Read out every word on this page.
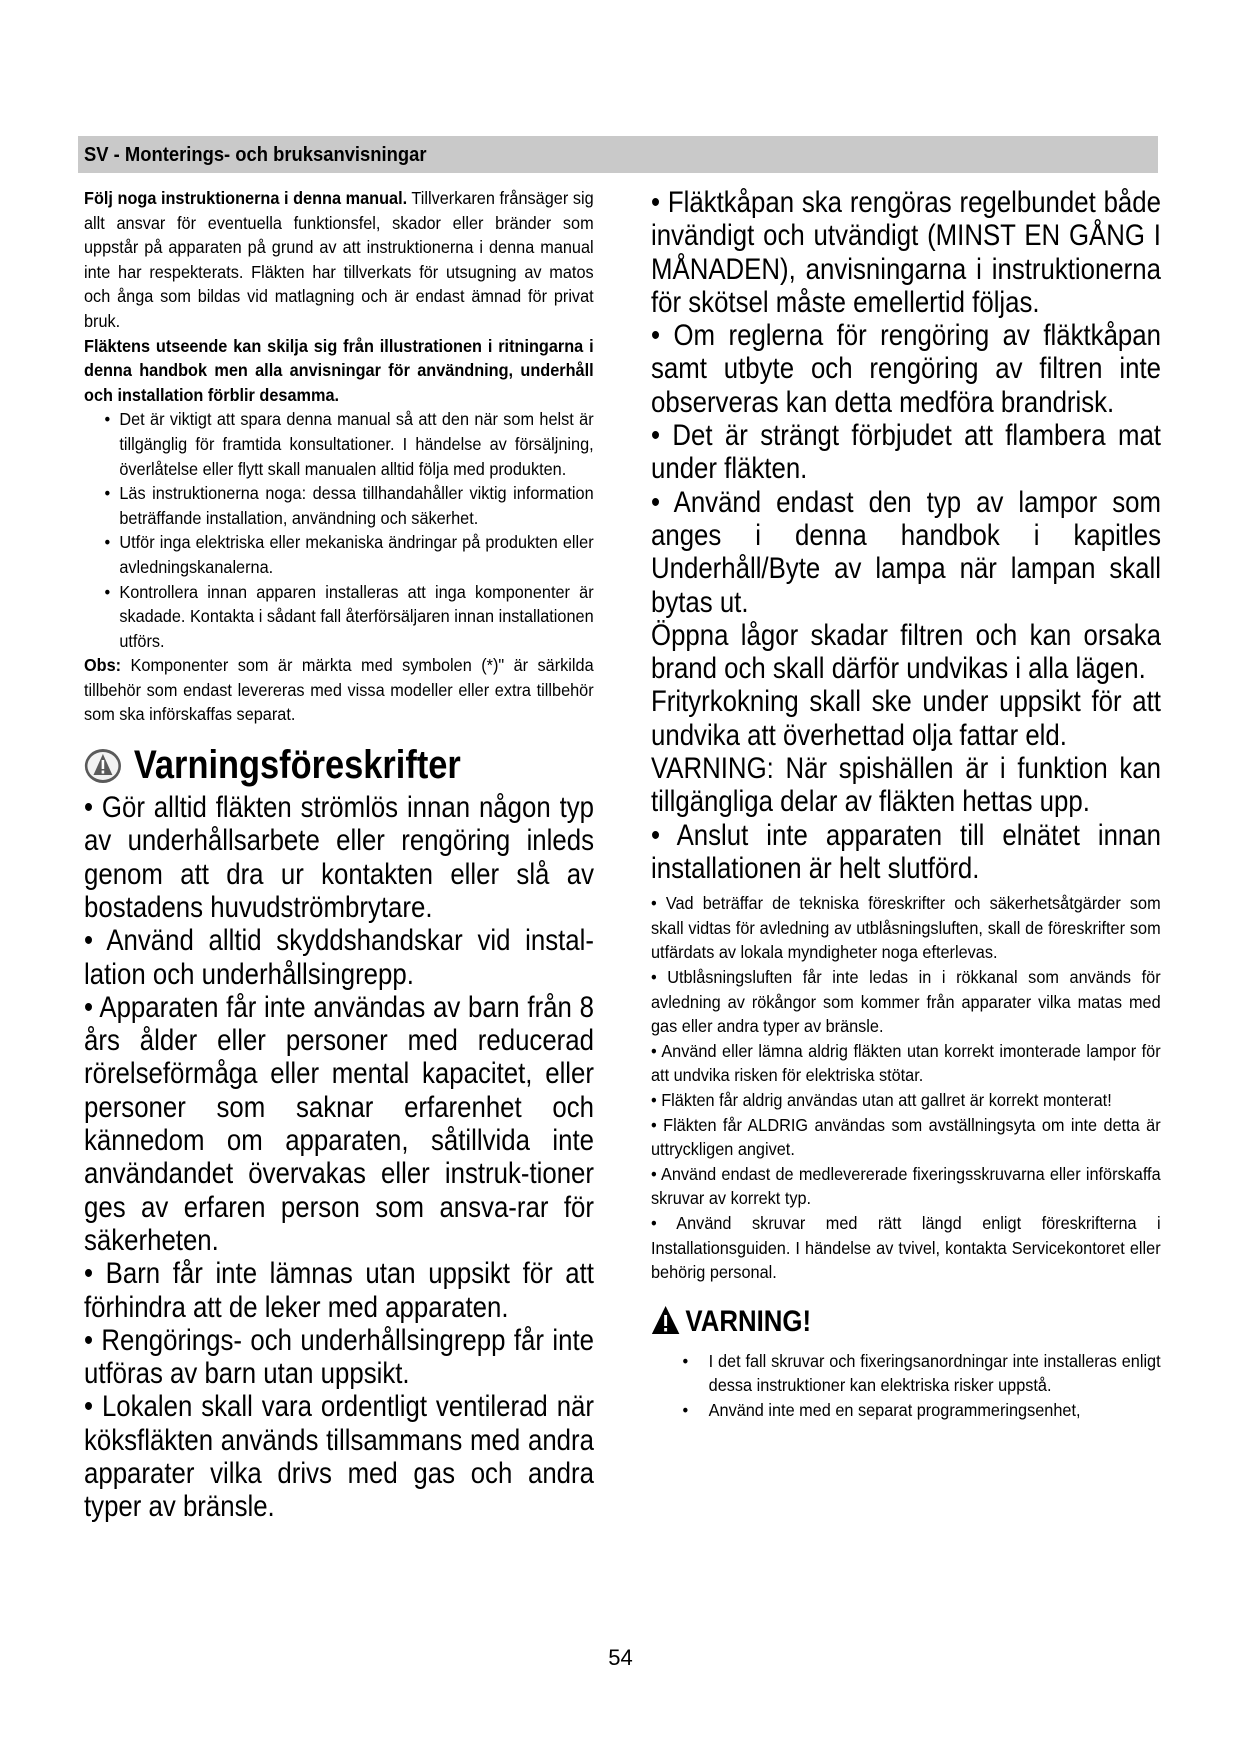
SV - Monterings- och bruksanvisningar

Följ noga instruktionerna i denna manual. Tillverkaren frånsäger sig allt ansvar för eventuella funktionsfel, skador eller bränder som uppstår på apparaten på grund av att instruktionerna i denna manual inte har respekterats. Fläkten har tillverkats för utsugning av matos och ånga som bildas vid matlagning och är endast ämnad för privat bruk.

Fläktens utseende kan skilja sig från illustrationen i ritningarna i denna handbok men alla anvisningar för användning, underhåll och installation förblir desamma.

• Det är viktigt att spara denna manual så att den när som helst är tillgänglig för framtida konsultationer. I händelse av försäljning, överlåtelse eller flytt skall manualen alltid följa med produkten.

• Läs instruktionerna noga: dessa tillhandahåller viktig information beträffande installation, användning och säkerhet.

• Utför inga elektriska eller mekaniska ändringar på produkten eller avledningskanalerna.

• Kontrollera innan apparen installeras att inga komponenter är skadade. Kontakta i sådant fall återförsäljaren innan installationen utförs.

Obs: Komponenter som är märkta med symbolen (*)" är särkilda tillbehör som endast levereras med vissa modeller eller extra tillbehör som ska införskaffas separat.

Varningsföreskrifter

• Gör alltid fläkten strömlös innan någon typ av underhållsarbete eller rengöring inleds genom att dra ur kontakten eller slå av bostadens huvudströmbrytare.

• Använd alltid skyddshandskar vid instal-lation och underhållsingrepp.

• Apparaten får inte användas av barn från 8 års ålder eller personer med reducerad rörelseförmåga eller mental kapacitet, eller personer som saknar erfarenhet och kännedom om apparaten, såtillvida inte användandet övervakas eller instruk-tioner ges av erfaren person som ansva-rar för säkerheten.

• Barn får inte lämnas utan uppsikt för att förhindra att de leker med apparaten.

• Rengörings- och underhållsingrepp får inte utföras av barn utan uppsikt.

• Lokalen skall vara ordentligt ventilerad när köksfläkten används tillsammans med andra apparater vilka drivs med gas och andra typer av bränsle.

• Fläktkåpan ska rengöras regelbundet både invändigt och utvändigt (MINST EN GÅNG I MÅNADEN), anvisningarna i instruktionerna för skötsel måste emellertid följas.

• Om reglerna för rengöring av fläktkåpan samt utbyte och rengöring av filtren inte observeras kan detta medföra brandrisk.

• Det är strängt förbjudet att flambera mat under fläkten.

• Använd endast den typ av lampor som anges i denna handbok i kapitles Underhåll/Byte av lampa när lampan skall bytas ut.

Öppna lågor skadar filtren och kan orsaka brand och skall därför undvikas i alla lägen.

Frityrkokning skall ske under uppsikt för att undvika att överhettad olja fattar eld.

VARNING: När spishällen är i funktion kan tillgängliga delar av fläkten hettas upp.

• Anslut inte apparaten till elnätet innan installationen är helt slutförd.

• Vad beträffar de tekniska föreskrifter och säkerhetsåtgärder som skall vidtas för avledning av utblåsningsluften, skall de föreskrifter som utfärdats av lokala myndigheter noga efterlevas.

• Utblåsningsluften får inte ledas in i rökkanal som används för avledning av rökångor som kommer från apparater vilka matas med gas eller andra typer av bränsle.

• Använd eller lämna aldrig fläkten utan korrekt imonterade lampor för att undvika risken för elektriska stötar.

• Fläkten får aldrig användas utan att gallret är korrekt monterat!

• Fläkten får ALDRIG användas som avställningsyta om inte detta är uttryckligen angivet.

• Använd endast de medlevererade fixeringsskruvarna eller införskaffa skruvar av korrekt typ.

• Använd skruvar med rätt längd enligt föreskrifterna i Installationsguiden. I händelse av tvivel, kontakta Servicekontoret eller behörig personal.

VARNING!

• I det fall skruvar och fixeringsanordningar inte installeras enligt dessa instruktioner kan elektriska risker uppstå.

• Använd inte med en separat programmeringsenhet,

54
